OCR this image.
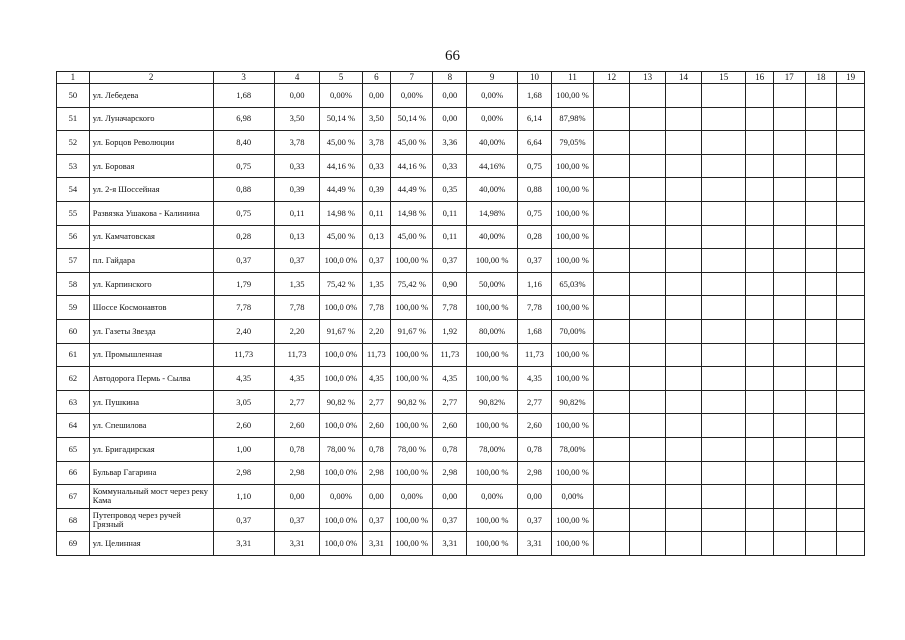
66
1	2	3	4	5	6	7	8	9	10	11	12	13	14	15	16	17	18	19
50	ул. Лебедева	1,68	0,00	0,00%	0,00	0,00%	0,00	0,00%	1,68	100,00 %								
51	ул. Луначарского	6,98	3,50	50,14 %	3,50	50,14 %	0,00	0,00%	6,14	87,98%								
52	ул. Борцов Революции	8,40	3,78	45,00 %	3,78	45,00 %	3,36	40,00%	6,64	79,05%								
53	ул. Боровая	0,75	0,33	44,16 %	0,33	44,16 %	0,33	44,16%	0,75	100,00 %								
54	ул. 2-я Шоссейная	0,88	0,39	44,49 %	0,39	44,49 %	0,35	40,00%	0,88	100,00 %								
55	Развязка Ушакова - Калинина	0,75	0,11	14,98 %	0,11	14,98 %	0,11	14,98%	0,75	100,00 %								
56	ул. Камчатовская	0,28	0,13	45,00 %	0,13	45,00 %	0,11	40,00%	0,28	100,00 %								
57	пл. Гайдара	0,37	0,37	100,0 0%	0,37	100,00 %	0,37	100,00 %	0,37	100,00 %								
58	ул. Карпинского	1,79	1,35	75,42 %	1,35	75,42 %	0,90	50,00%	1,16	65,03%								
59	Шоссе Космонавтов	7,78	7,78	100,0 0%	7,78	100,00 %	7,78	100,00 %	7,78	100,00 %								
60	ул. Газеты Звезда	2,40	2,20	91,67 %	2,20	91,67 %	1,92	80,00%	1,68	70,00%								
61	ул. Промышленная	11,73	11,73	100,0 0%	11,73	100,00 %	11,73	100,00 %	11,73	100,00 %								
62	Автодорога Пермь - Сылва	4,35	4,35	100,0 0%	4,35	100,00 %	4,35	100,00 %	4,35	100,00 %								
63	ул. Пушкина	3,05	2,77	90,82 %	2,77	90,82 %	2,77	90,82%	2,77	90,82%								
64	ул. Спешилова	2,60	2,60	100,0 0%	2,60	100,00 %	2,60	100,00 %	2,60	100,00 %								
65	ул. Бригадирская	1,00	0,78	78,00 %	0,78	78,00 %	0,78	78,00%	0,78	78,00%								
66	Бульвар Гагарина	2,98	2,98	100,0 0%	2,98	100,00 %	2,98	100,00 %	2,98	100,00 %								
67	Коммунальный мост через реку Кама	1,10	0,00	0,00%	0,00	0,00%	0,00	0,00%	0,00	0,00%								
68	Путепровод через ручей Грязный	0,37	0,37	100,0 0%	0,37	100,00 %	0,37	100,00 %	0,37	100,00 %								
69	ул. Целинная	3,31	3,31	100,0 0%	3,31	100,00 %	3,31	100,00 %	3,31	100,00 %								
